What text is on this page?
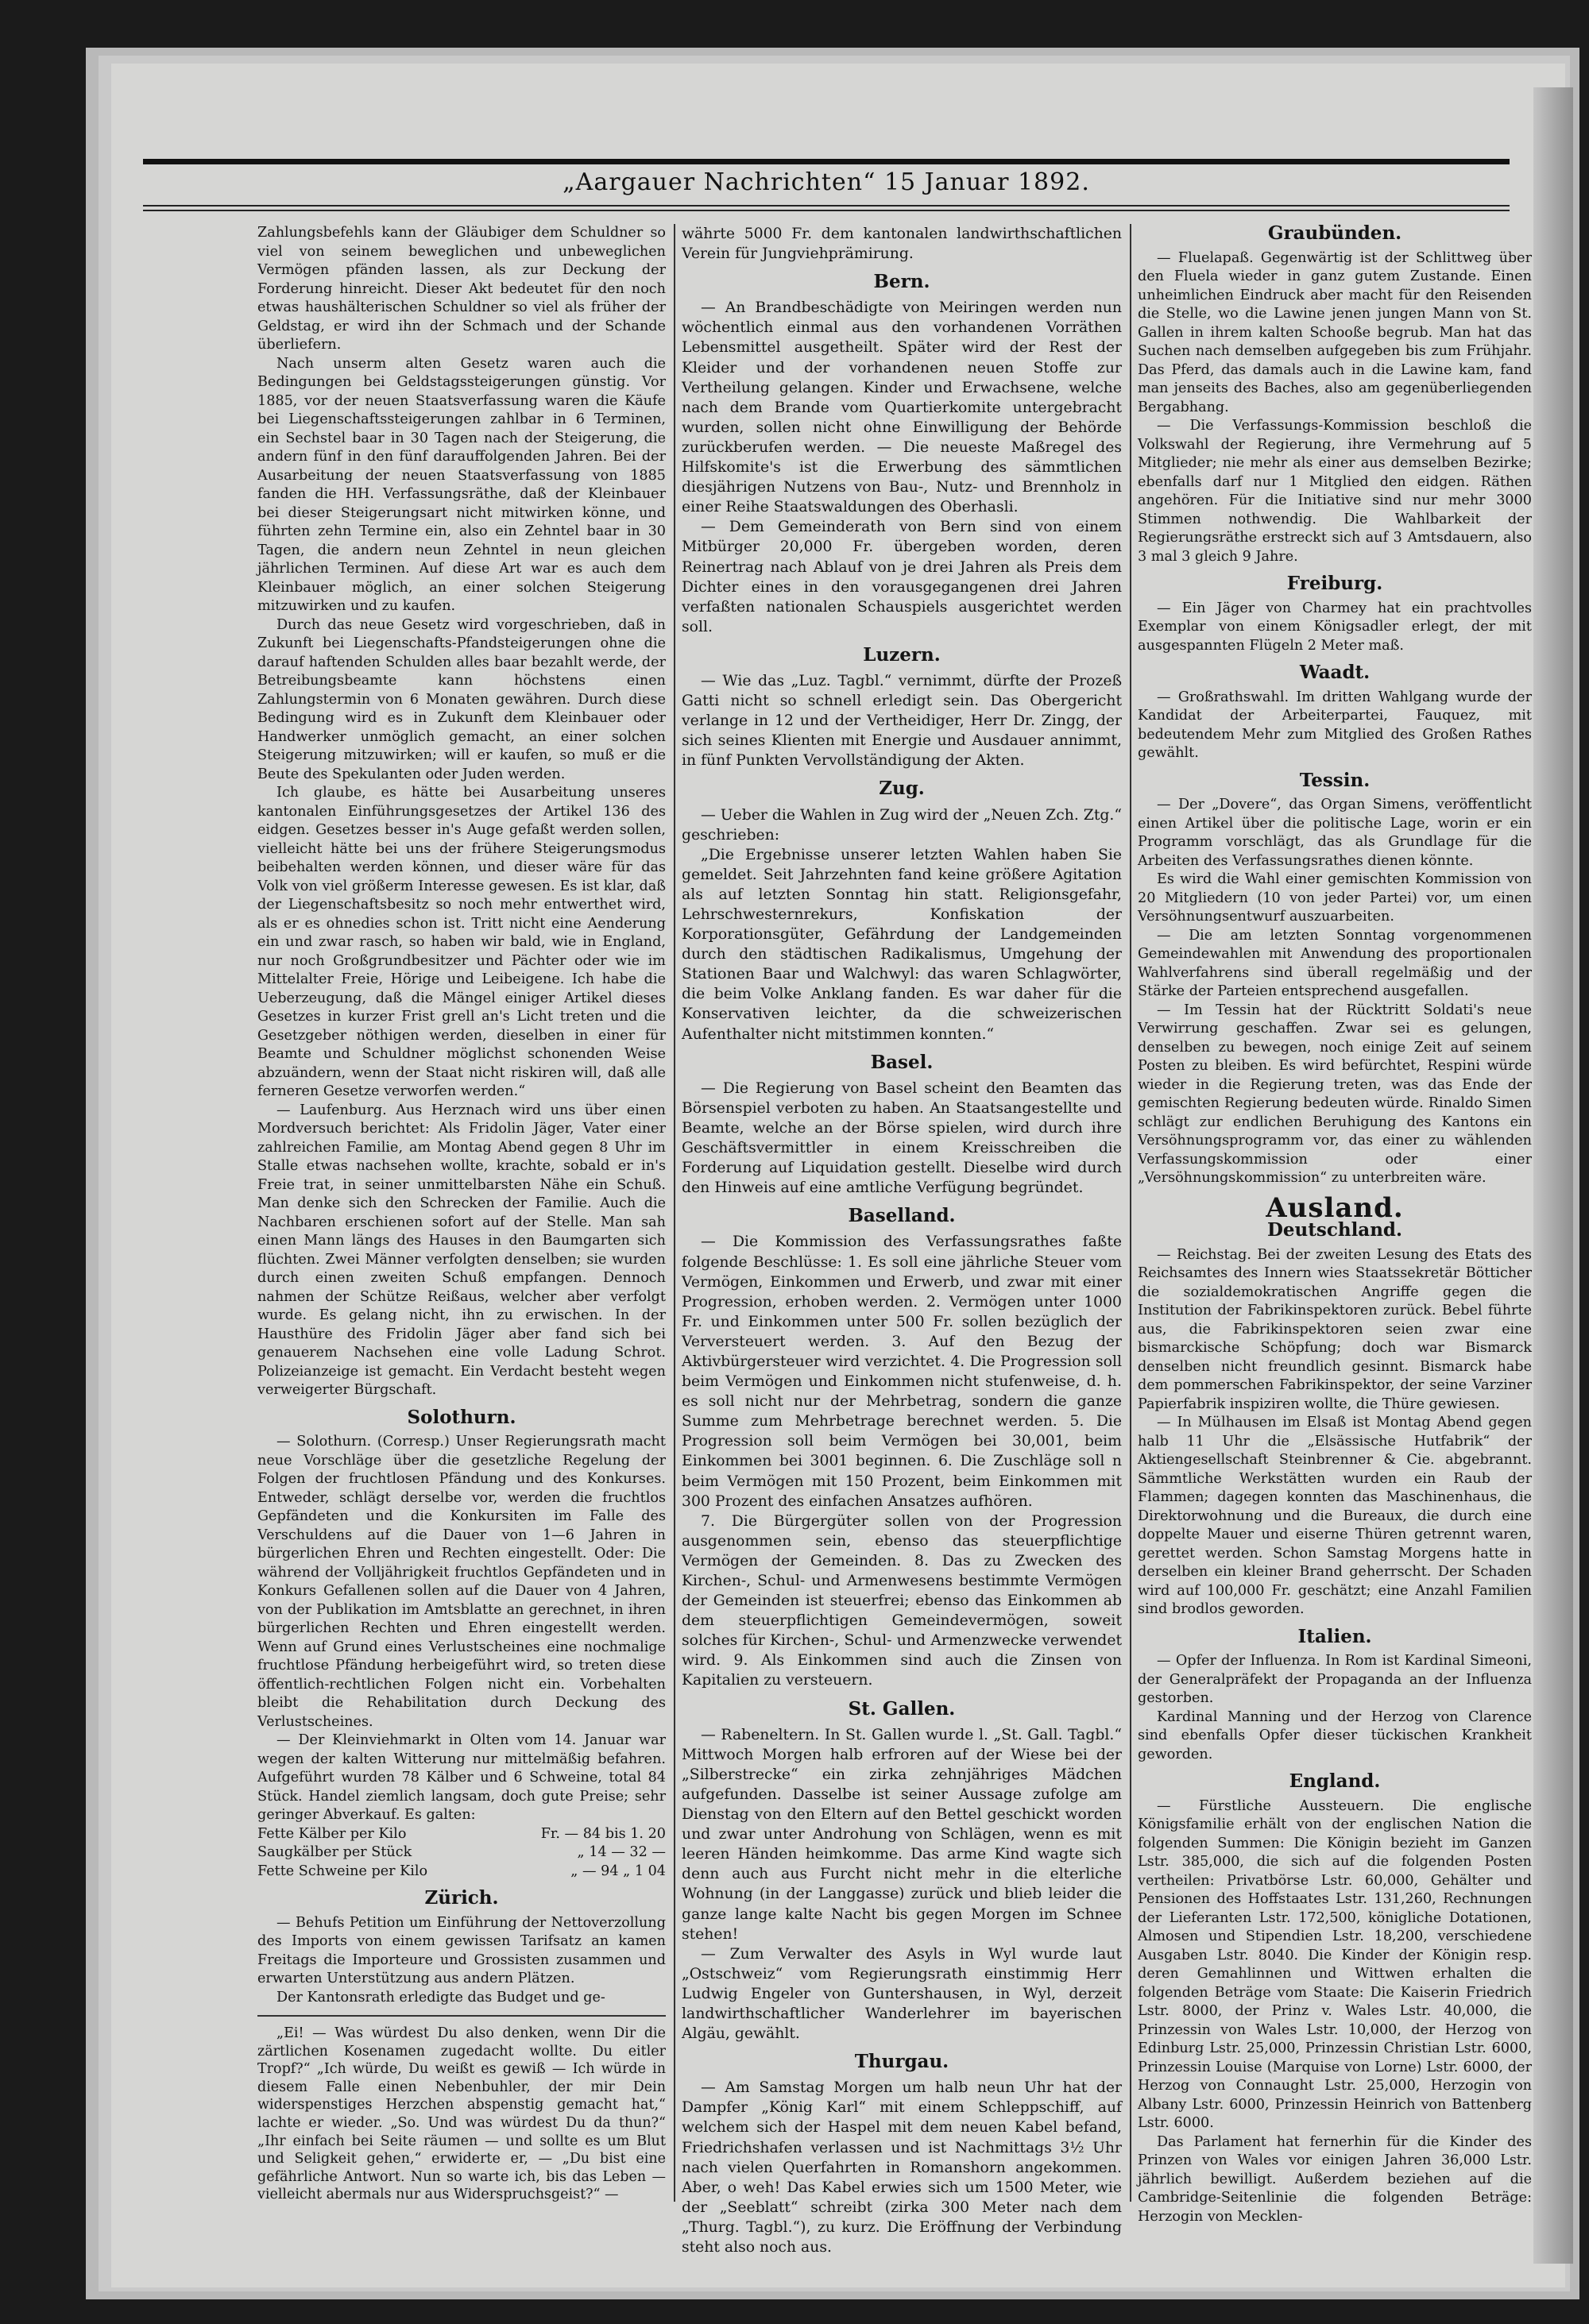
„Aargauer Nachrichten“ 15 Januar 1892.

Zahlungsbefehls kann der Gläubiger dem Schuldner so viel von seinem beweglichen und unbeweglichen Vermögen pfänden lassen, als zur Deckung der Forderung hinreicht. Dieser Akt bedeutet für den noch etwas haushälterischen Schuldner so viel als früher der Geldstag, er wird ihn der Schmach und der Schande überliefern.

Nach unserm alten Gesetz waren auch die Bedingungen bei Geldstagssteigerungen günstig. Vor 1885, vor der neuen Staatsverfassung waren die Käufe bei Liegenschaftssteigerungen zahlbar in 6 Terminen, ein Sechstel baar in 30 Tagen nach der Steigerung, die andern fünf in den fünf darauffolgenden Jahren. Bei der Ausarbeitung der neuen Staatsverfassung von 1885 fanden die HH. Verfassungsräthe, daß der Kleinbauer bei dieser Steigerungsart nicht mitwirken könne, und führten zehn Termine ein, also ein Zehntel baar in 30 Tagen, die andern neun Zehntel in neun gleichen jährlichen Terminen. Auf diese Art war es auch dem Kleinbauer möglich, an einer solchen Steigerung mitzuwirken und zu kaufen.

Durch das neue Gesetz wird vorgeschrieben, daß in Zukunft bei Liegenschafts-Pfandsteigerungen ohne die darauf haftenden Schulden alles baar bezahlt werde, der Betreibungsbeamte kann höchstens einen Zahlungstermin von 6 Monaten gewähren. Durch diese Bedingung wird es in Zukunft dem Kleinbauer oder Handwerker unmöglich gemacht, an einer solchen Steigerung mitzuwirken; will er kaufen, so muß er die Beute des Spekulanten oder Juden werden.

Ich glaube, es hätte bei Ausarbeitung unseres kantonalen Einführungsgesetzes der Artikel 136 des eidgen. Gesetzes besser in's Auge gefaßt werden sollen, vielleicht hätte bei uns der frühere Steigerungsmodus beibehalten werden können, und dieser wäre für das Volk von viel größerm Interesse gewesen. Es ist klar, daß der Liegenschaftsbesitz so noch mehr entwerthet wird, als er es ohnedies schon ist. Tritt nicht eine Aenderung ein und zwar rasch, so haben wir bald, wie in England, nur noch Großgrundbesitzer und Pächter oder wie im Mittelalter Freie, Hörige und Leibeigene. Ich habe die Ueberzeugung, daß die Mängel einiger Artikel dieses Gesetzes in kurzer Frist grell an's Licht treten und die Gesetzgeber nöthigen werden, dieselben in einer für Beamte und Schuldner möglichst schonenden Weise abzuändern, wenn der Staat nicht riskiren will, daß alle ferneren Gesetze verworfen werden.“

— Laufenburg. Aus Herznach wird uns über einen Mordversuch berichtet: Als Fridolin Jäger, Vater einer zahlreichen Familie, am Montag Abend gegen 8 Uhr im Stalle etwas nachsehen wollte, krachte, sobald er in's Freie trat, in seiner unmittelbarsten Nähe ein Schuß. Man denke sich den Schrecken der Familie. Auch die Nachbaren erschienen sofort auf der Stelle. Man sah einen Mann längs des Hauses in den Baumgarten sich flüchten. Zwei Männer verfolgten denselben; sie wurden durch einen zweiten Schuß empfangen. Dennoch nahmen der Schütze Reißaus, welcher aber verfolgt wurde. Es gelang nicht, ihn zu erwischen. In der Hausthüre des Fridolin Jäger aber fand sich bei genauerem Nachsehen eine volle Ladung Schrot. Polizeianzeige ist gemacht. Ein Verdacht besteht wegen verweigerter Bürgschaft.

Solothurn.

— Solothurn. (Corresp.) Unser Regierungsrath macht neue Vorschläge über die gesetzliche Regelung der Folgen der fruchtlosen Pfändung und des Konkurses. Entweder, schlägt derselbe vor, werden die fruchtlos Gepfändeten und die Konkursiten im Falle des Verschuldens auf die Dauer von 1—6 Jahren in bürgerlichen Ehren und Rechten eingestellt. Oder: Die während der Volljährigkeit fruchtlos Gepfändeten und in Konkurs Gefallenen sollen auf die Dauer von 4 Jahren, von der Publikation im Amtsblatte an gerechnet, in ihren bürgerlichen Rechten und Ehren eingestellt werden. Wenn auf Grund eines Verlustscheines eine nochmalige fruchtlose Pfändung herbeigeführt wird, so treten diese öffentlich-rechtlichen Folgen nicht ein. Vorbehalten bleibt die Rehabilitation durch Deckung des Verlustscheines.

— Der Kleinviehmarkt in Olten vom 14. Januar war wegen der kalten Witterung nur mittelmäßig befahren. Aufgeführt wurden 78 Kälber und 6 Schweine, total 84 Stück. Handel ziemlich langsam, doch gute Preise; sehr geringer Abverkauf. Es galten:

Fette Kälber per Kilo	Fr. — 84 bis 1. 20
Saugkälber per Stück	„ 14 — 32 —
Fette Schweine per Kilo	„ — 94 „ 1 04
Zürich.

— Behufs Petition um Einführung der Nettoverzollung des Imports von einem gewissen Tarifsatz an kamen Freitags die Importeure und Grossisten zusammen und erwarten Unterstützung aus andern Plätzen.

Der Kantonsrath erledigte das Budget und ge-

„Ei! — Was würdest Du also denken, wenn Dir die zärtlichen Kosenamen zugedacht wollte. Du eitler Tropf?“ „Ich würde, Du weißt es gewiß — Ich würde in diesem Falle einen Nebenbuhler, der mir Dein widerspenstiges Herzchen abspenstig gemacht hat,“ lachte er wieder. „So. Und was würdest Du da thun?“ „Ihr einfach bei Seite räumen — und sollte es um Blut und Seligkeit gehen,“ erwiderte er, — „Du bist eine gefährliche Antwort. Nun so warte ich, bis das Leben — vielleicht abermals nur aus Widerspruchsgeist?“ —

währte 5000 Fr. dem kantonalen landwirthschaftlichen Verein für Jungviehprämirung.

Bern.

— An Brandbeschädigte von Meiringen werden nun wöchentlich einmal aus den vorhandenen Vorräthen Lebensmittel ausgetheilt. Später wird der Rest der Kleider und der vorhandenen neuen Stoffe zur Vertheilung gelangen. Kinder und Erwachsene, welche nach dem Brande vom Quartierkomite untergebracht wurden, sollen nicht ohne Einwilligung der Behörde zurückberufen werden. — Die neueste Maßregel des Hilfskomite's ist die Erwerbung des sämmtlichen diesjährigen Nutzens von Bau-, Nutz- und Brennholz in einer Reihe Staatswaldungen des Oberhasli.

— Dem Gemeinderath von Bern sind von einem Mitbürger 20,000 Fr. übergeben worden, deren Reinertrag nach Ablauf von je drei Jahren als Preis dem Dichter eines in den vorausgegangenen drei Jahren verfaßten nationalen Schauspiels ausgerichtet werden soll.

Luzern.

— Wie das „Luz. Tagbl.“ vernimmt, dürfte der Prozeß Gatti nicht so schnell erledigt sein. Das Obergericht verlange in 12 und der Vertheidiger, Herr Dr. Zingg, der sich seines Klienten mit Energie und Ausdauer annimmt, in fünf Punkten Vervollständigung der Akten.

Zug.

— Ueber die Wahlen in Zug wird der „Neuen Zch. Ztg.“ geschrieben:

„Die Ergebnisse unserer letzten Wahlen haben Sie gemeldet. Seit Jahrzehnten fand keine größere Agitation als auf letzten Sonntag hin statt. Religionsgefahr, Lehrschwesternrekurs, Konfiskation der Korporationsgüter, Gefährdung der Landgemeinden durch den städtischen Radikalismus, Umgehung der Stationen Baar und Walchwyl: das waren Schlagwörter, die beim Volke Anklang fanden. Es war daher für die Konservativen leichter, da die schweizerischen Aufenthalter nicht mitstimmen konnten.“

Basel.

— Die Regierung von Basel scheint den Beamten das Börsenspiel verboten zu haben. An Staatsangestellte und Beamte, welche an der Börse spielen, wird durch ihre Geschäftsvermittler in einem Kreisschreiben die Forderung auf Liquidation gestellt. Dieselbe wird durch den Hinweis auf eine amtliche Verfügung begründet.

Baselland.

— Die Kommission des Verfassungsrathes faßte folgende Beschlüsse: 1. Es soll eine jährliche Steuer vom Vermögen, Einkommen und Erwerb, und zwar mit einer Progression, erhoben werden. 2. Vermögen unter 1000 Fr. und Einkommen unter 500 Fr. sollen bezüglich der Verversteuert werden. 3. Auf den Bezug der Aktivbürgersteuer wird verzichtet. 4. Die Progression soll beim Vermögen und Einkommen nicht stufenweise, d. h. es soll nicht nur der Mehrbetrag, sondern die ganze Summe zum Mehrbetrage berechnet werden. 5. Die Progression soll beim Vermögen bei 30,001, beim Einkommen bei 3001 beginnen. 6. Die Zuschläge soll n beim Vermögen mit 150 Prozent, beim Einkommen mit 300 Prozent des einfachen Ansatzes aufhören.

7. Die Bürgergüter sollen von der Progression ausgenommen sein, ebenso das steuerpflichtige Vermögen der Gemeinden. 8. Das zu Zwecken des Kirchen-, Schul- und Armenwesens bestimmte Vermögen der Gemeinden ist steuerfrei; ebenso das Einkommen ab dem steuerpflichtigen Gemeindevermögen, soweit solches für Kirchen-, Schul- und Armenzwecke verwendet wird. 9. Als Einkommen sind auch die Zinsen von Kapitalien zu versteuern.

St. Gallen.

— Rabeneltern. In St. Gallen wurde l. „St. Gall. Tagbl.“ Mittwoch Morgen halb erfroren auf der Wiese bei der „Silberstrecke“ ein zirka zehnjähriges Mädchen aufgefunden. Dasselbe ist seiner Aussage zufolge am Dienstag von den Eltern auf den Bettel geschickt worden und zwar unter Androhung von Schlägen, wenn es mit leeren Händen heimkomme. Das arme Kind wagte sich denn auch aus Furcht nicht mehr in die elterliche Wohnung (in der Langgasse) zurück und blieb leider die ganze lange kalte Nacht bis gegen Morgen im Schnee stehen!

— Zum Verwalter des Asyls in Wyl wurde laut „Ostschweiz“ vom Regierungsrath einstimmig Herr Ludwig Engeler von Guntershausen, in Wyl, derzeit landwirthschaftlicher Wanderlehrer im bayerischen Algäu, gewählt.

Thurgau.

— Am Samstag Morgen um halb neun Uhr hat der Dampfer „König Karl“ mit einem Schleppschiff, auf welchem sich der Haspel mit dem neuen Kabel befand, Friedrichshafen verlassen und ist Nachmittags 3½ Uhr nach vielen Querfahrten in Romanshorn angekommen. Aber, o weh! Das Kabel erwies sich um 1500 Meter, wie der „Seeblatt“ schreibt (zirka 300 Meter nach dem „Thurg. Tagbl.“), zu kurz. Die Eröffnung der Verbindung steht also noch aus.

Graubünden.

— Fluelapaß. Gegenwärtig ist der Schlittweg über den Fluela wieder in ganz gutem Zustande. Einen unheimlichen Eindruck aber macht für den Reisenden die Stelle, wo die Lawine jenen jungen Mann von St. Gallen in ihrem kalten Schooße begrub. Man hat das Suchen nach demselben aufgegeben bis zum Frühjahr. Das Pferd, das damals auch in die Lawine kam, fand man jenseits des Baches, also am gegenüberliegenden Bergabhang.

— Die Verfassungs-Kommission beschloß die Volkswahl der Regierung, ihre Vermehrung auf 5 Mitglieder; nie mehr als einer aus demselben Bezirke; ebenfalls darf nur 1 Mitglied den eidgen. Räthen angehören. Für die Initiative sind nur mehr 3000 Stimmen nothwendig. Die Wahlbarkeit der Regierungsräthe erstreckt sich auf 3 Amtsdauern, also 3 mal 3 gleich 9 Jahre.

Freiburg.

— Ein Jäger von Charmey hat ein prachtvolles Exemplar von einem Königsadler erlegt, der mit ausgespannten Flügeln 2 Meter maß.

Waadt.

— Großrathswahl. Im dritten Wahlgang wurde der Kandidat der Arbeiterpartei, Fauquez, mit bedeutendem Mehr zum Mitglied des Großen Rathes gewählt.

Tessin.

— Der „Dovere“, das Organ Simens, veröffentlicht einen Artikel über die politische Lage, worin er ein Programm vorschlägt, das als Grundlage für die Arbeiten des Verfassungsrathes dienen könnte.

Es wird die Wahl einer gemischten Kommission von 20 Mitgliedern (10 von jeder Partei) vor, um einen Versöhnungsentwurf auszuarbeiten.

— Die am letzten Sonntag vorgenommenen Gemeindewahlen mit Anwendung des proportionalen Wahlverfahrens sind überall regelmäßig und der Stärke der Parteien entsprechend ausgefallen.

— Im Tessin hat der Rücktritt Soldati's neue Verwirrung geschaffen. Zwar sei es gelungen, denselben zu bewegen, noch einige Zeit auf seinem Posten zu bleiben. Es wird befürchtet, Respini würde wieder in die Regierung treten, was das Ende der gemischten Regierung bedeuten würde. Rinaldo Simen schlägt zur endlichen Beruhigung des Kantons ein Versöhnungsprogramm vor, das einer zu wählenden Verfassungskommission oder einer „Versöhnungskommission“ zu unterbreiten wäre.

Ausland.
Deutschland.

— Reichstag. Bei der zweiten Lesung des Etats des Reichsamtes des Innern wies Staatssekretär Bötticher die sozialdemokratischen Angriffe gegen die Institution der Fabrikinspektoren zurück. Bebel führte aus, die Fabrikinspektoren seien zwar eine bismarckische Schöpfung; doch war Bismarck denselben nicht freundlich gesinnt. Bismarck habe dem pommerschen Fabrikinspektor, der seine Varziner Papierfabrik inspiziren wollte, die Thüre gewiesen.

— In Mülhausen im Elsaß ist Montag Abend gegen halb 11 Uhr die „Elsässische Hutfabrik“ der Aktiengesellschaft Steinbrenner & Cie. abgebrannt. Sämmtliche Werkstätten wurden ein Raub der Flammen; dagegen konnten das Maschinenhaus, die Direktorwohnung und die Bureaux, die durch eine doppelte Mauer und eiserne Thüren getrennt waren, gerettet werden. Schon Samstag Morgens hatte in derselben ein kleiner Brand geherrscht. Der Schaden wird auf 100,000 Fr. geschätzt; eine Anzahl Familien sind brodlos geworden.

Italien.

— Opfer der Influenza. In Rom ist Kardinal Simeoni, der Generalpräfekt der Propaganda an der Influenza gestorben.

Kardinal Manning und der Herzog von Clarence sind ebenfalls Opfer dieser tückischen Krankheit geworden.

England.

— Fürstliche Aussteuern. Die englische Königsfamilie erhält von der englischen Nation die folgenden Summen: Die Königin bezieht im Ganzen Lstr. 385,000, die sich auf die folgenden Posten vertheilen: Privatbörse Lstr. 60,000, Gehälter und Pensionen des Hoffstaates Lstr. 131,260, Rechnungen der Lieferanten Lstr. 172,500, königliche Dotationen, Almosen und Stipendien Lstr. 18,200, verschiedene Ausgaben Lstr. 8040. Die Kinder der Königin resp. deren Gemahlinnen und Wittwen erhalten die folgenden Beträge vom Staate: Die Kaiserin Friedrich Lstr. 8000, der Prinz v. Wales Lstr. 40,000, die Prinzessin von Wales Lstr. 10,000, der Herzog von Edinburg Lstr. 25,000, Prinzessin Christian Lstr. 6000, Prinzessin Louise (Marquise von Lorne) Lstr. 6000, der Herzog von Connaught Lstr. 25,000, Herzogin von Albany Lstr. 6000, Prinzessin Heinrich von Battenberg Lstr. 6000.

Das Parlament hat fernerhin für die Kinder des Prinzen von Wales vor einigen Jahren 36,000 Lstr. jährlich bewilligt. Außerdem beziehen auf die Cambridge-Seitenlinie die folgenden Beträge: Herzogin von Mecklen-
